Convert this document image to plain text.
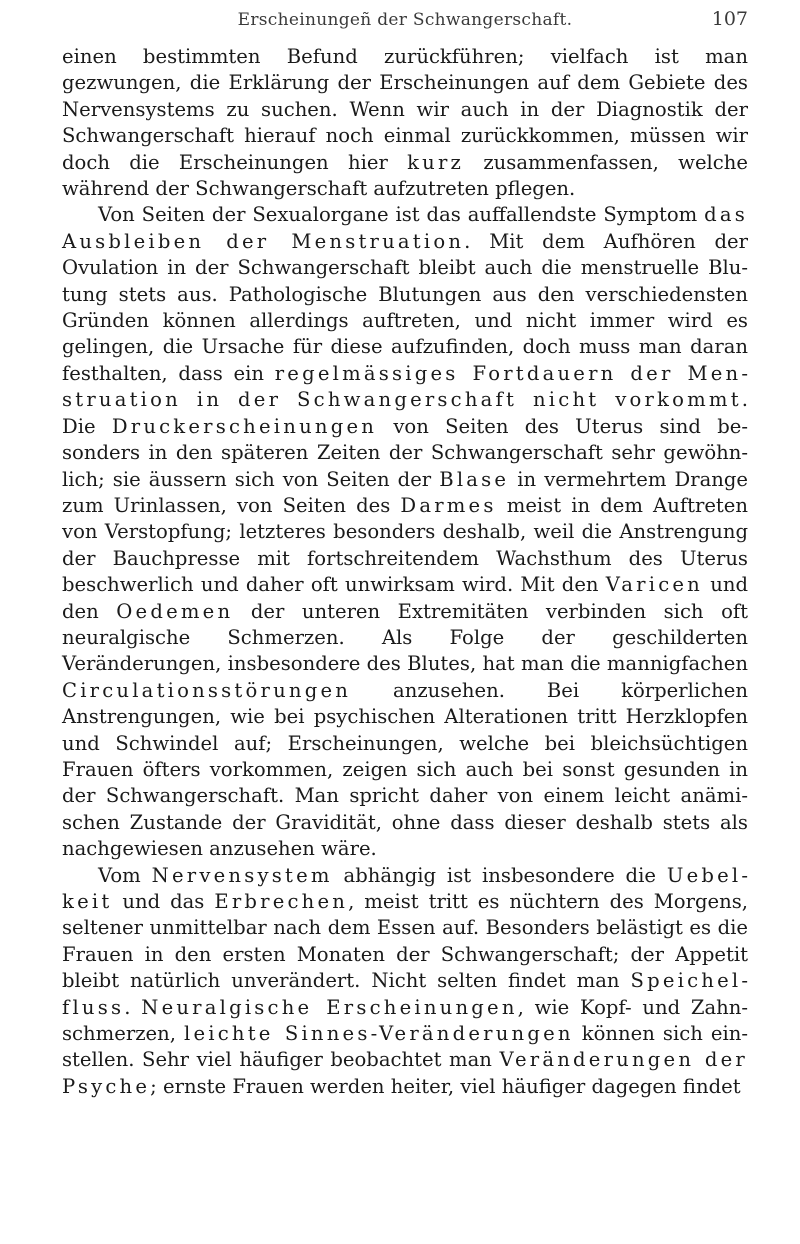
Erscheinungeñ der Schwangerschaft.	107

einen bestimmten Befund zurückführen; vielfach ist man gezwungen, die Erklärung der Erscheinungen auf dem Gebiete des Nervensystems zu suchen. Wenn wir auch in der Diagnostik der Schwangerschaft hierauf noch einmal zurückkommen, müssen wir doch die Erscheinungen hier kurz zusammenfassen, welche während der Schwangerschaft aufzutreten pflegen.

Von Seiten der Sexualorgane ist das auffallendste Symptom das Ausbleiben der Menstruation. Mit dem Aufhören der Ovulation in der Schwangerschaft bleibt auch die menstruelle Blutung stets aus. Pathologische Blutungen aus den verschiedensten Gründen können allerdings auftreten, und nicht immer wird es gelingen, die Ursache für diese aufzufinden, doch muss man daran festhalten, dass ein regelmässiges Fortdauern der Menstruation in der Schwangerschaft nicht vorkommt. Die Druckerscheinungen von Seiten des Uterus sind besonders in den späteren Zeiten der Schwangerschaft sehr gewöhnlich; sie äussern sich von Seiten der Blase in vermehrtem Drange zum Urinlassen, von Seiten des Darmes meist in dem Auftreten von Verstopfung; letzteres besonders deshalb, weil die Anstrengung der Bauchpresse mit fortschreitendem Wachsthum des Uterus beschwerlich und daher oft unwirksam wird. Mit den Varicen und den Oedemen der unteren Extremitäten verbinden sich oft neuralgische Schmerzen. Als Folge der geschilderten Veränderungen, insbesondere des Blutes, hat man die mannigfachen Circulationsstörungen anzusehen. Bei körperlichen Anstrengungen, wie bei psychischen Alterationen tritt Herzklopfen und Schwindel auf; Erscheinungen, welche bei bleichsüchtigen Frauen öfters vorkommen, zeigen sich auch bei sonst gesunden in der Schwangerschaft. Man spricht daher von einem leicht anämischen Zustande der Gravidität, ohne dass dieser deshalb stets als nachgewiesen anzusehen wäre.

Vom Nervensystem abhängig ist insbesondere die Uebelkeit und das Erbrechen, meist tritt es nüchtern des Morgens, seltener unmittelbar nach dem Essen auf. Besonders belästigt es die Frauen in den ersten Monaten der Schwangerschaft; der Appetit bleibt natürlich unverändert. Nicht selten findet man Speichelfluss. Neuralgische Erscheinungen, wie Kopf- und Zahnschmerzen, leichte Sinnes-Veränderungen können sich einstellen. Sehr viel häufiger beobachtet man Veränderungen der Psyche; ernste Frauen werden heiter, viel häufiger dagegen findet
